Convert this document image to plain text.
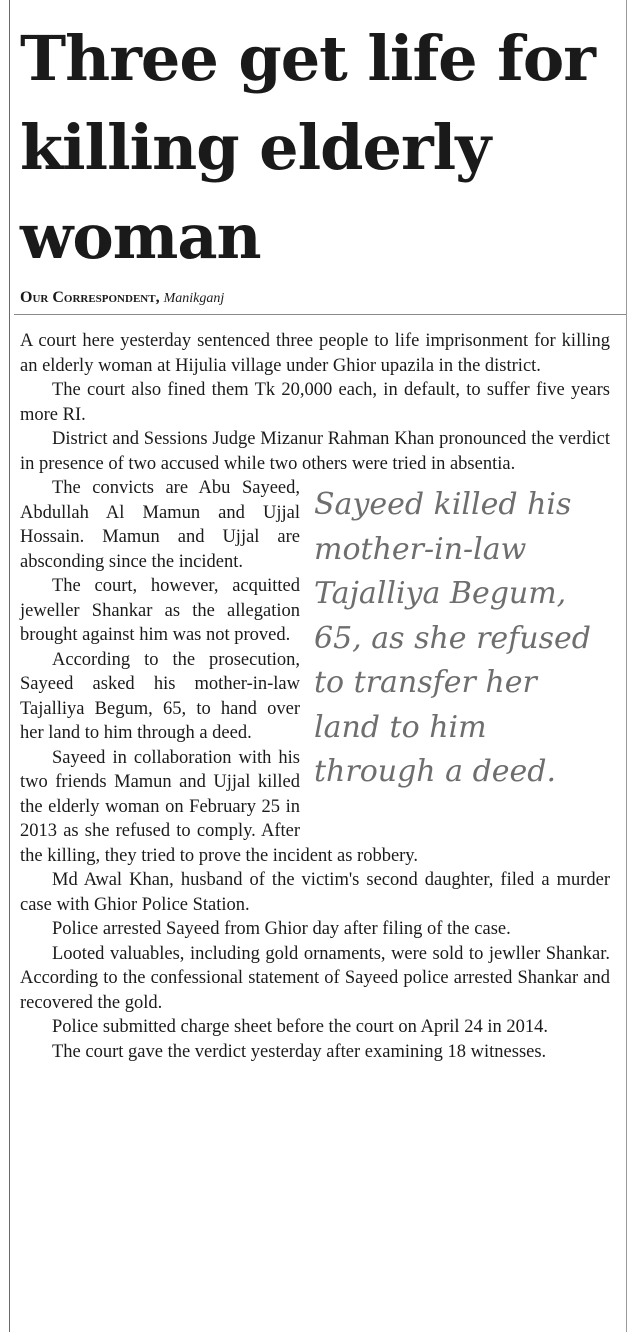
Three get life for killing elderly woman
Our Correspondent, Manikganj

A court here yesterday sentenced three people to life imprisonment for killing an elderly woman at Hijulia village under Ghior upazila in the district.

The court also fined them Tk 20,000 each, in default, to suffer five years more RI.

District and Sessions Judge Mizanur Rahman Khan pronounced the verdict in presence of two accused while two others were tried in absentia.

Sayeed killed his mother-in-law Tajalliya Begum, 65, as she refused to transfer her land to him through a deed.

The convicts are Abu Sayeed, Abdullah Al Mamun and Ujjal Hossain. Mamun and Ujjal are absconding since the incident.

The court, however, acquitted jeweller Shankar as the allegation brought against him was not proved.

According to the prosecution, Sayeed asked his mother-in-law Tajalliya Begum, 65, to hand over her land to him through a deed.

Sayeed in collaboration with his two friends Mamun and Ujjal killed the elderly woman on February 25 in 2013 as she refused to comply. After the killing, they tried to prove the incident as robbery.

Md Awal Khan, husband of the victim's second daughter, filed a murder case with Ghior Police Station.

Police arrested Sayeed from Ghior day after filing of the case.

Looted valuables, including gold ornaments, were sold to jewller Shankar. According to the confessional statement of Sayeed police arrested Shankar and recovered the gold.

Police submitted charge sheet before the court on April 24 in 2014.

The court gave the verdict yesterday after examining 18 witnesses.
